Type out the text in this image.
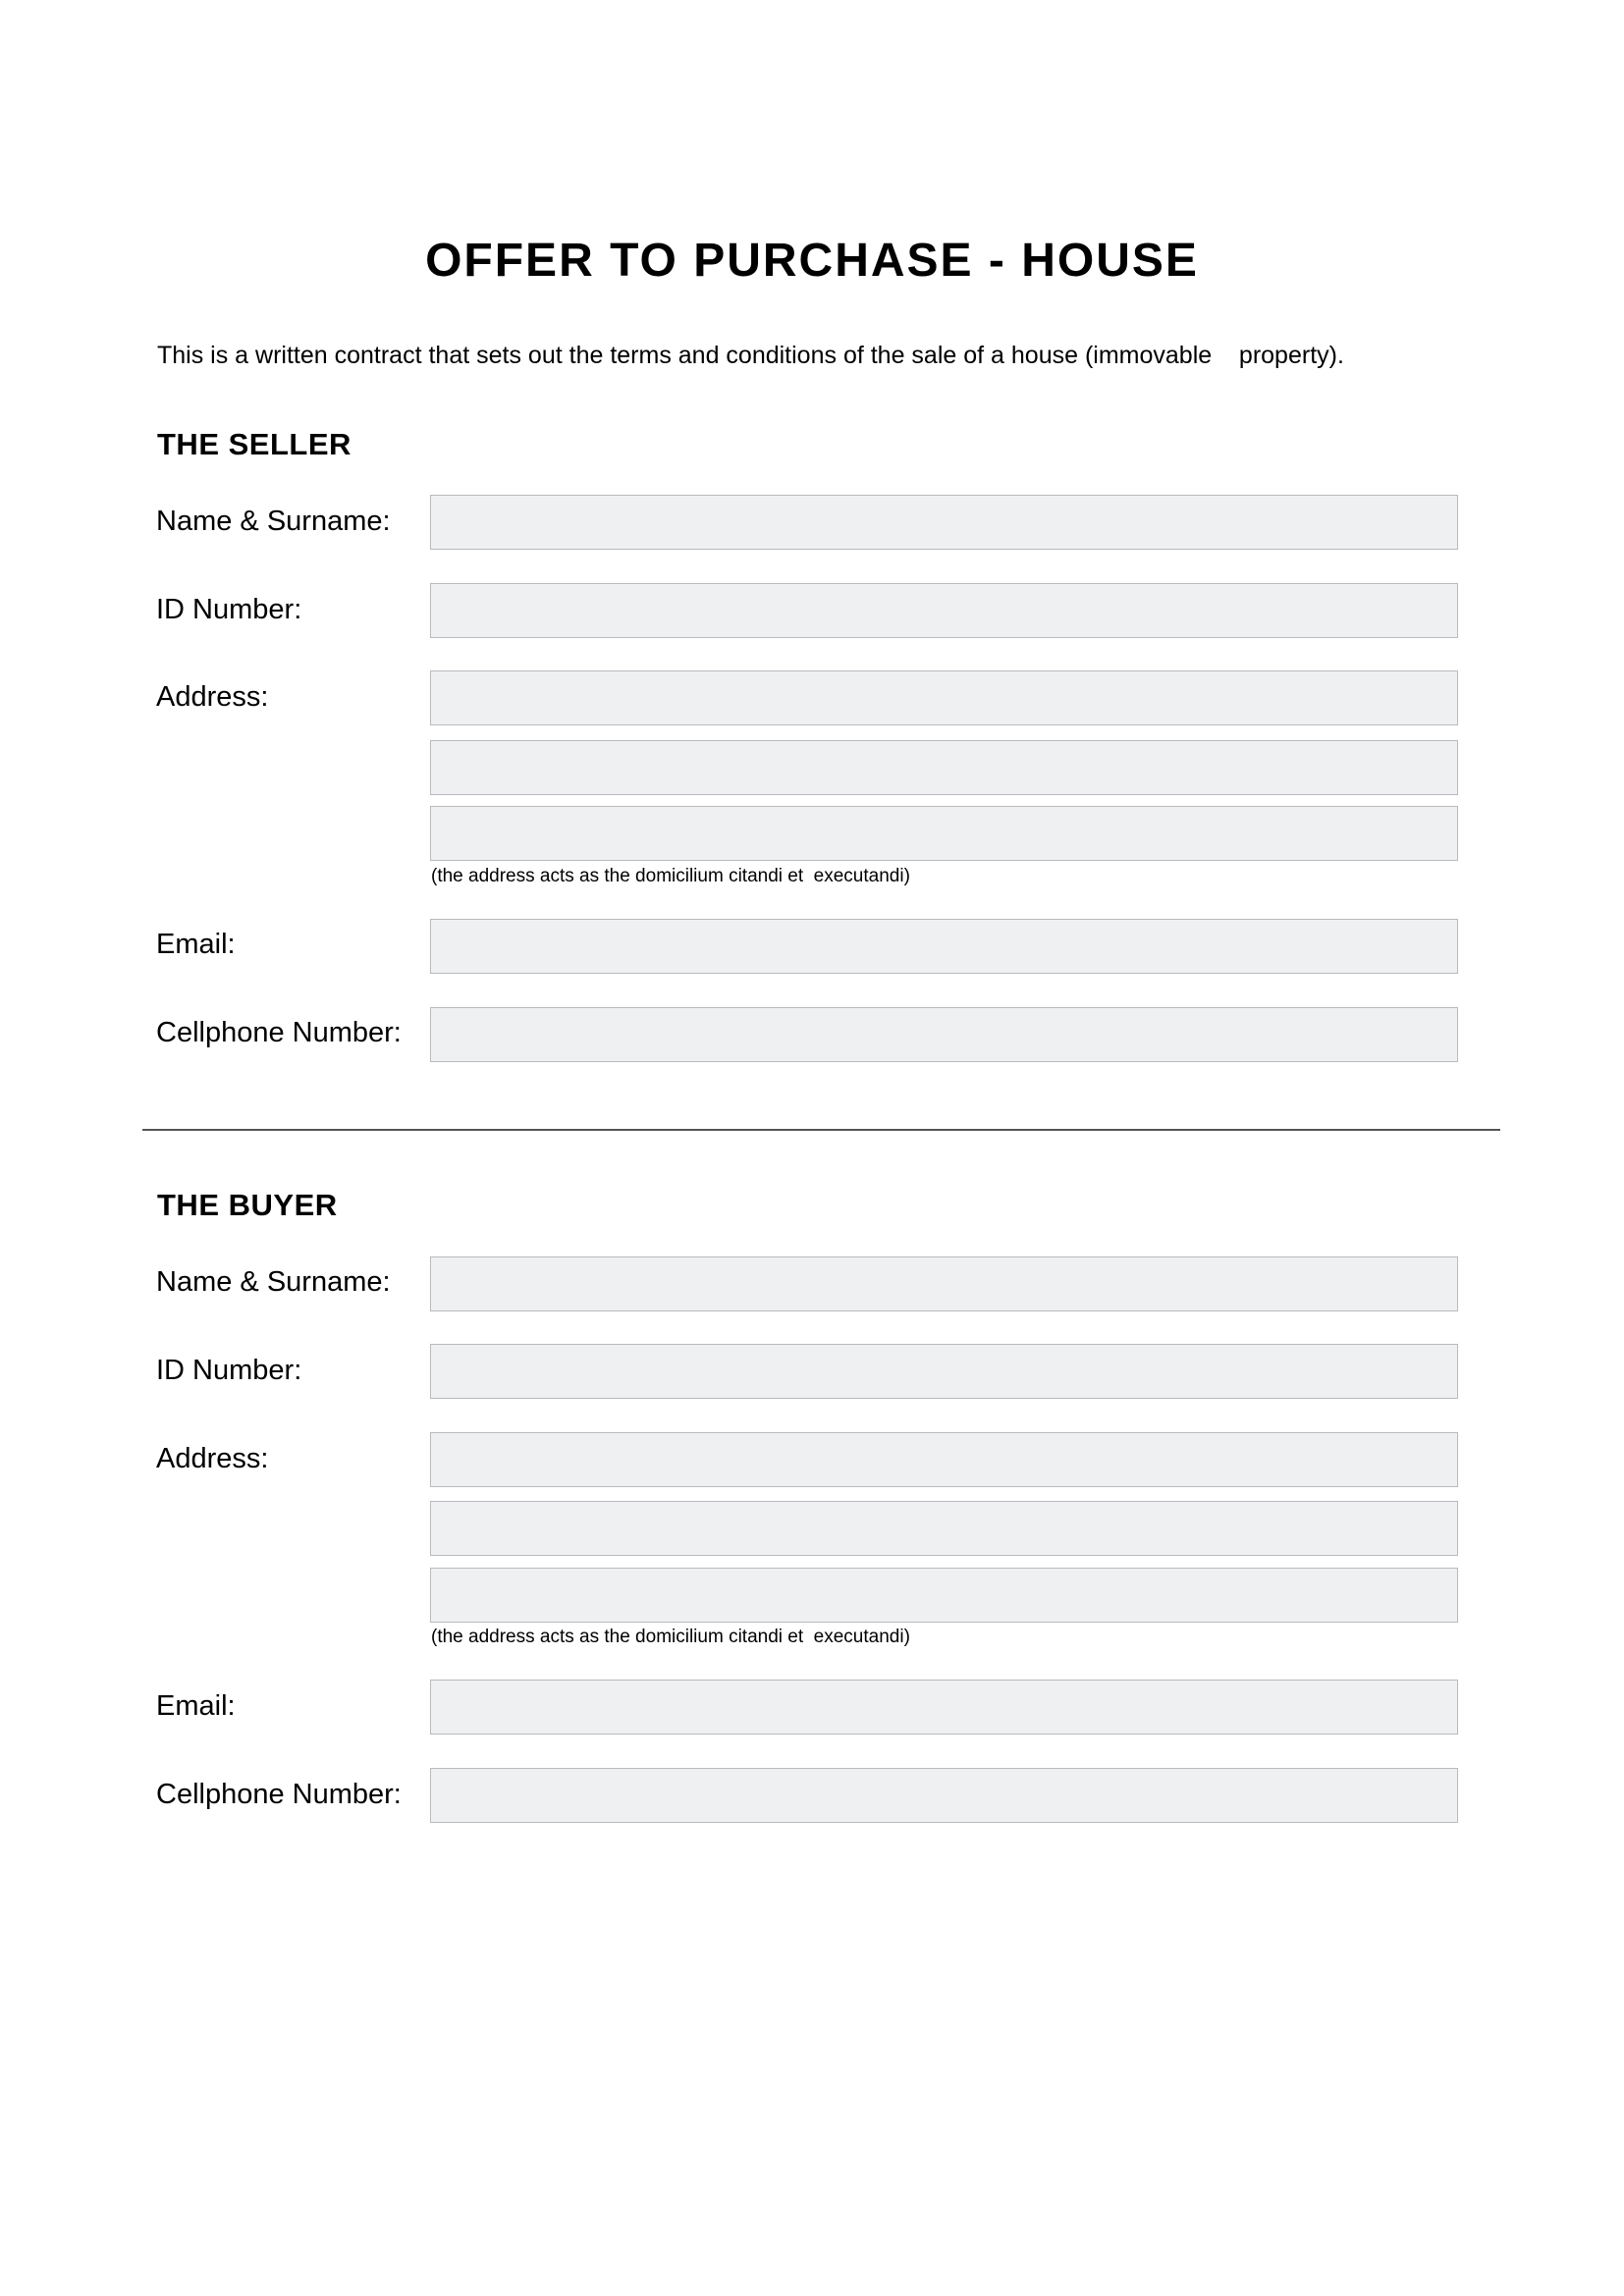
OFFER TO PURCHASE - HOUSE
This is a written contract that sets out the terms and conditions of the sale of a house (immovable    property).
THE SELLER
Name & Surname:
ID Number:
Address:
(the address acts as the domicilium citandi et  executandi)
Email:
Cellphone Number:
THE BUYER
Name & Surname:
ID Number:
Address:
(the address acts as the domicilium citandi et  executandi)
Email:
Cellphone Number:
